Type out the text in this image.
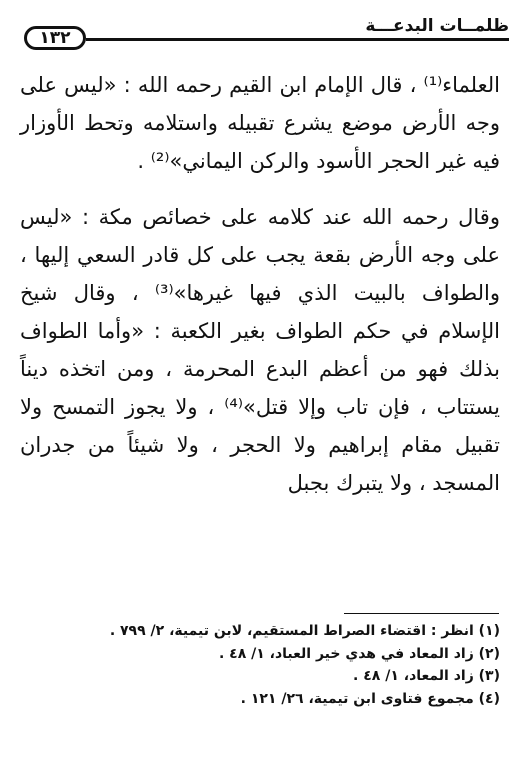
١٣٢
ظلمــات البدعـــة

العلماء⁽¹⁾ ، قال الإمام ابن القيم رحمه الله : «ليس على وجه الأرض موضع يشرع تقبيله واستلامه وتحط الأوزار فيه غير الحجر الأسود والركن اليماني»⁽²⁾ .

وقال رحمه الله عند كلامه على خصائص مكة : «ليس على وجه الأرض بقعة يجب على كل قادر السعي إليها ، والطواف بالبيت الذي فيها غيرها»⁽³⁾ ، وقال شيخ الإسلام في حكم الطواف بغير الكعبة : «وأما الطواف بذلك فهو من أعظم البدع المحرمة ، ومن اتخذه ديناً يستتاب ، فإن تاب وإلا قتل»⁽⁴⁾ ، ولا يجوز التمسح ولا تقبيل مقام إبراهيم ولا الحجر ، ولا شيئاً من جدران المسجد ، ولا يتبرك بجبل

(١) انظر : اقتضاء الصراط المستقيم، لابن تيمية، ٢/ ٧٩٩ .
(٢) زاد المعاد في هدي خير العباد، ١/ ٤٨ .
(٣) زاد المعاد، ١/ ٤٨ .
(٤) مجموع فتاوى ابن تيمية، ٢٦/ ١٢١ .
